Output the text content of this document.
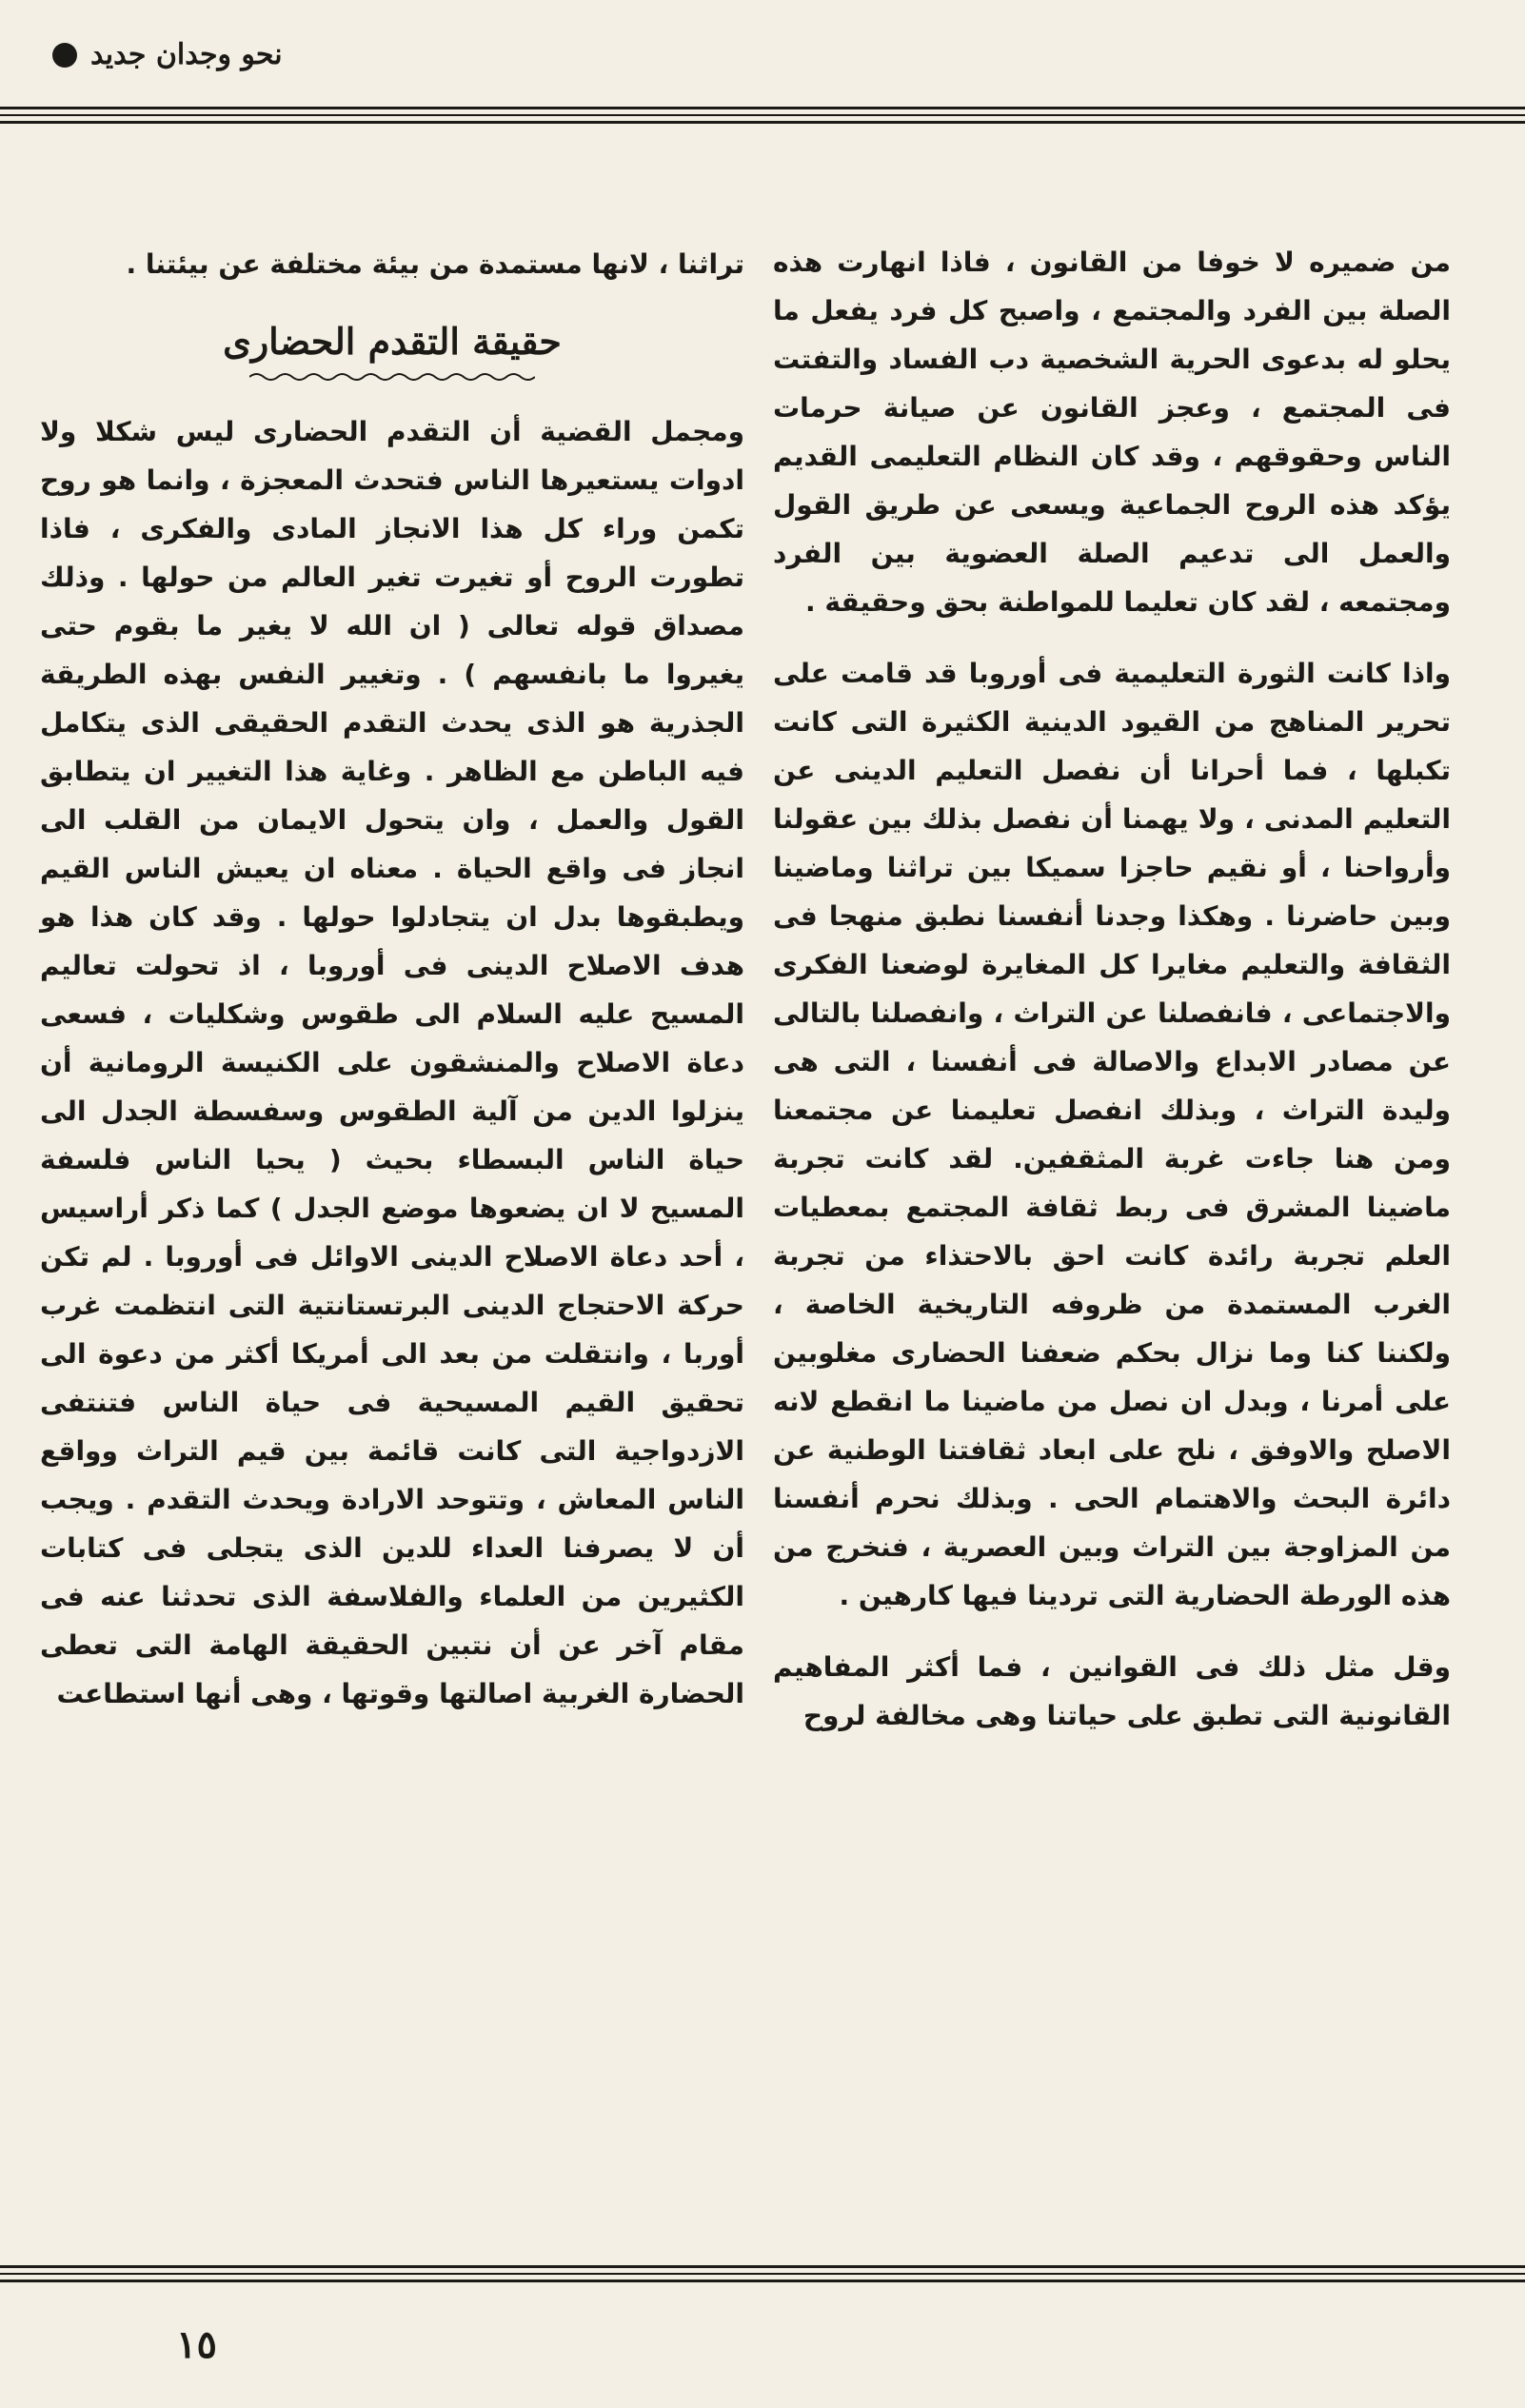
نحو وجدان جديد

من ضميره لا خوفا من القانون ، فاذا انهارت هذه الصلة بين الفرد والمجتمع ، واصبح كل فرد يفعل ما يحلو له بدعوى الحرية الشخصية دب الفساد والتفتت فى المجتمع ، وعجز القانون عن صيانة حرمات الناس وحقوقهم ، وقد كان النظام التعليمى القديم يؤكد هذه الروح الجماعية ويسعى عن طريق القول والعمل الى تدعيم الصلة العضوية بين الفرد ومجتمعه ، لقد كان تعليما للمواطنة بحق وحقيقة .

واذا كانت الثورة التعليمية فى أوروبا قد قامت على تحرير المناهج من القيود الدينية الكثيرة التى كانت تكبلها ، فما أحرانا أن نفصل التعليم الدينى عن التعليم المدنى ، ولا يهمنا أن نفصل بذلك بين عقولنا وأرواحنا ، أو نقيم حاجزا سميكا بين تراثنا وماضينا وبين حاضرنا . وهكذا وجدنا أنفسنا نطبق منهجا فى الثقافة والتعليم مغايرا كل المغايرة لوضعنا الفكرى والاجتماعى ، فانفصلنا عن التراث ، وانفصلنا بالتالى عن مصادر الابداع والاصالة فى أنفسنا ، التى هى وليدة التراث ، وبذلك انفصل تعليمنا عن مجتمعنا ومن هنا جاءت غربة المثقفين. لقد كانت تجربة ماضينا المشرق فى ربط ثقافة المجتمع بمعطيات العلم تجربة رائدة كانت احق بالاحتذاء من تجربة الغرب المستمدة من ظروفه التاريخية الخاصة ، ولكننا كنا وما نزال بحكم ضعفنا الحضارى مغلوبين على أمرنا ، وبدل ان نصل من ماضينا ما انقطع لانه الاصلح والاوفق ، نلح على ابعاد ثقافتنا الوطنية عن دائرة البحث والاهتمام الحى . وبذلك نحرم أنفسنا من المزاوجة بين التراث وبين العصرية ، فنخرج من هذه الورطة الحضارية التى تردينا فيها كارهين .

وقل مثل ذلك فى القوانين ، فما أكثر المفاهيم القانونية التى تطبق على حياتنا وهى مخالفة لروح

تراثنا ، لانها مستمدة من بيئة مختلفة عن بيئتنا .

حقيقة التقدم الحضارى

ومجمل القضية أن التقدم الحضارى ليس شكلا ولا ادوات يستعيرها الناس فتحدث المعجزة ، وانما هو روح تكمن وراء كل هذا الانجاز المادى والفكرى ، فاذا تطورت الروح أو تغيرت تغير العالم من حولها . وذلك مصداق قوله تعالى ( ان الله لا يغير ما بقوم حتى يغيروا ما بانفسهم ) . وتغيير النفس بهذه الطريقة الجذرية هو الذى يحدث التقدم الحقيقى الذى يتكامل فيه الباطن مع الظاهر . وغاية هذا التغيير ان يتطابق القول والعمل ، وان يتحول الايمان من القلب الى انجاز فى واقع الحياة . معناه ان يعيش الناس القيم ويطبقوها بدل ان يتجادلوا حولها . وقد كان هذا هو هدف الاصلاح الدينى فى أوروبا ، اذ تحولت تعاليم المسيح عليه السلام الى طقوس وشكليات ، فسعى دعاة الاصلاح والمنشقون على الكنيسة الرومانية أن ينزلوا الدين من آلية الطقوس وسفسطة الجدل الى حياة الناس البسطاء بحيث ( يحيا الناس فلسفة المسيح لا ان يضعوها موضع الجدل ) كما ذكر أراسيس ، أحد دعاة الاصلاح الدينى الاوائل فى أوروبا . لم تكن حركة الاحتجاج الدينى البرتستانتية التى انتظمت غرب أوربا ، وانتقلت من بعد الى أمريكا أكثر من دعوة الى تحقيق القيم المسيحية فى حياة الناس فتنتفى الازدواجية التى كانت قائمة بين قيم التراث وواقع الناس المعاش ، وتتوحد الارادة ويحدث التقدم . ويجب أن لا يصرفنا العداء للدين الذى يتجلى فى كتابات الكثيرين من العلماء والفلاسفة الذى تحدثنا عنه فى مقام آخر عن أن نتبين الحقيقة الهامة التى تعطى الحضارة الغربية اصالتها وقوتها ، وهى أنها استطاعت

١٥
